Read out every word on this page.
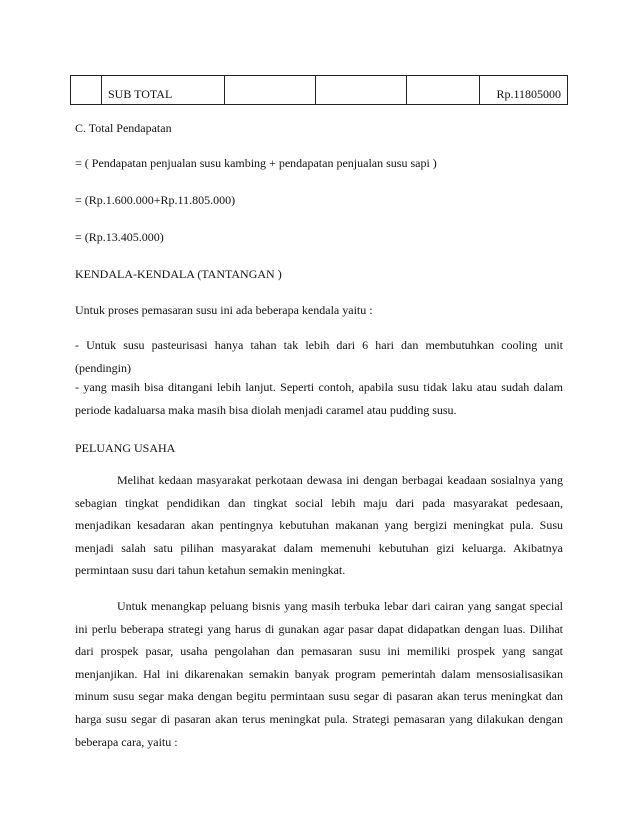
	SUB TOTAL				Rp.11805000
C. Total Pendapatan
= ( Pendapatan penjualan susu kambing + pendapatan penjualan susu sapi )
= (Rp.1.600.000+Rp.11.805.000)
= (Rp.13.405.000)
KENDALA-KENDALA (TANTANGAN )
Untuk proses pemasaran susu ini ada beberapa kendala yaitu :

- Untuk susu pasteurisasi hanya tahan tak lebih dari 6 hari dan membutuhkan cooling unit (pendingin)

- yang masih bisa ditangani lebih lanjut. Seperti contoh, apabila susu tidak laku atau sudah dalam periode kadaluarsa maka masih bisa diolah menjadi caramel atau pudding susu.

PELUANG USAHA

Melihat kedaan masyarakat perkotaan dewasa ini dengan berbagai keadaan sosialnya yang sebagian tingkat pendidikan dan tingkat social lebih maju dari pada masyarakat pedesaan, menjadikan kesadaran akan pentingnya kebutuhan makanan yang bergizi meningkat pula. Susu menjadi salah satu pilihan masyarakat dalam memenuhi kebutuhan gizi keluarga. Akibatnya permintaan susu dari tahun ketahun semakin meningkat.

Untuk menangkap peluang bisnis yang masih terbuka lebar dari cairan yang sangat special ini perlu beberapa strategi yang harus di gunakan agar pasar dapat didapatkan dengan luas. Dilihat dari prospek pasar, usaha pengolahan dan pemasaran susu ini memiliki prospek yang sangat menjanjikan. Hal ini dikarenakan semakin banyak program pemerintah dalam mensosialisasikan minum susu segar maka dengan begitu permintaan susu segar di pasaran akan terus meningkat dan harga susu segar di pasaran akan terus meningkat pula. Strategi pemasaran yang dilakukan dengan beberapa cara, yaitu :
